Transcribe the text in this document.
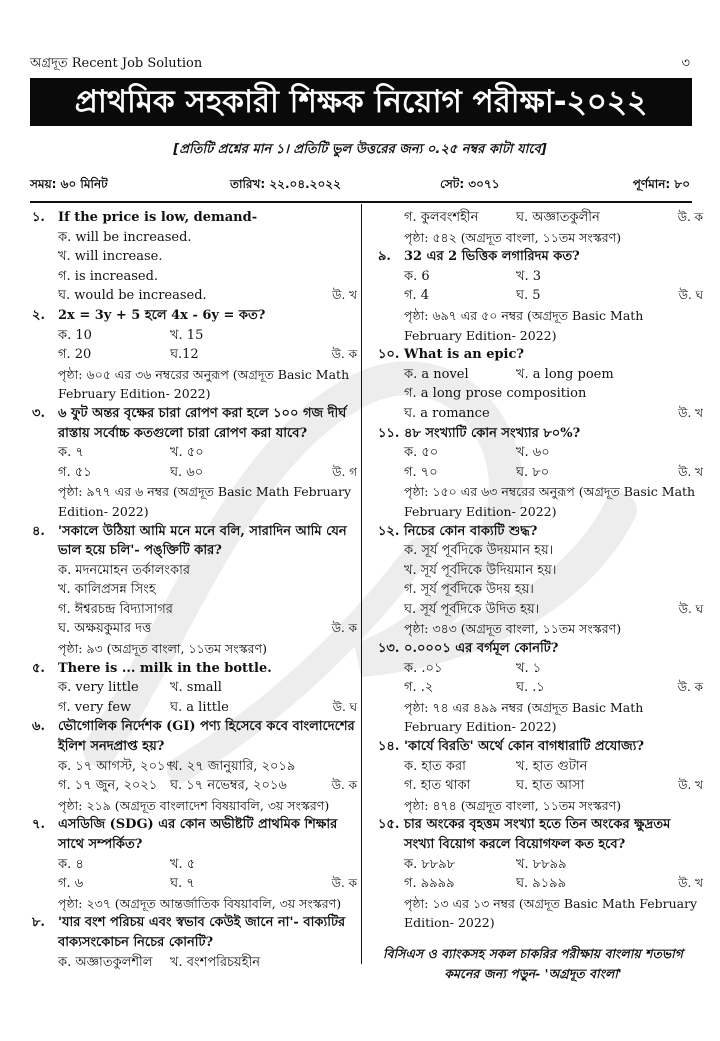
অগ্রদূত Recent Job Solution	৩
প্রাথমিক সহকারী শিক্ষক নিয়োগ পরীক্ষা-২০২২
[প্রতিটি প্রশ্নের মান ১। প্রতিটি ভুল উত্তরের জন্য ০.২৫ নম্বর কাটা যাবে]
সময়: ৬০ মিনিট	তারিখ: ২২.০৪.২০২২	সেট: ৩০৭১	পূর্ণমান: ৮০
১. If the price is low, demand-
ক. will be increased.
খ. will increase.
গ. is increased.
ঘ. would be increased.	উ. খ
২. 2x = 3y + 5 হলে 4x - 6y = কত?
ক. 10	খ. 15
গ. 20	ঘ.12	উ. ক
পৃষ্ঠা: ৬০৫ এর ৩৬ নম্বরের অনুরূপ (অগ্রদূত Basic Math February Edition- 2022)
৩. ৬ ফুট অন্তর বৃক্ষের চারা রোপণ করা হলে ১০০ গজ দীর্ঘ রাস্তায় সর্বোচ্চ কতগুলো চারা রোপণ করা যাবে?
ক. ৭	খ. ৫০
গ. ৫১	ঘ. ৬০	উ. গ
পৃষ্ঠা: ৯৭৭ এর ৬ নম্বর (অগ্রদূত Basic Math February Edition- 2022)
৪. 'সকালে উঠিয়া আমি মনে মনে বলি, সারাদিন আমি যেন ভাল হয়ে চলি'- পঙ্‌ক্তিটি কার?
ক. মদনমোহন তর্কালংকার
খ. কালিপ্রসন্ন সিংহ
গ. ঈশ্বরচন্দ্র বিদ্যাসাগর
ঘ. অক্ষয়কুমার দত্ত	উ. ক
পৃষ্ঠা: ৯৩ (অগ্রদূত বাংলা, ১১তম সংস্করণ)
৫. There is ... milk in the bottle.
ক. very little খ. small
গ. very few	ঘ. a little	উ. ঘ
৬. ভৌগোলিক নির্দেশক (GI) পণ্য হিসেবে কবে বাংলাদেশের ইলিশ সনদপ্রাপ্ত হয়?
ক. ১৭ আগস্ট, ২০১৭
খ. ২৭ জানুয়ারি, ২০১৯
গ. ১৭ জুন, ২০২১ ঘ. ১৭ নভেম্বর, ২০১৬	উ. ক
পৃষ্ঠা: ২১৯ (অগ্রদূত বাংলাদেশ বিষয়াবলি, ৩য় সংস্করণ)
৭. এসডিজি (SDG) এর কোন অভীষ্টটি প্রাথমিক শিক্ষার সাথে সম্পর্কিত?
ক. ৪	খ. ৫
গ. ৬	ঘ. ৭	উ. ক
পৃষ্ঠা: ২৩৭ (অগ্রদূত আন্তর্জাতিক বিষয়াবলি, ৩য় সংস্করণ)
৮. 'যার বংশ পরিচয় এবং স্বভাব কেউই জানে না'- বাক্যটির বাক্যসংকোচন নিচের কোনটি?
ক. অজ্ঞাতকুলশীল খ. বংশপরিচয়হীন
গ. কুলবংশহীন	ঘ. অজ্ঞাতকুলীন	উ. ক
পৃষ্ঠা: ৫৪২ (অগ্রদূত বাংলা, ১১তম সংস্করণ)
৯. 32 এর 2 ভিত্তিক লগারিদম কত?
ক. 6	খ. 3
গ. 4	ঘ. 5	উ. ঘ
পৃষ্ঠা: ৬৯৭ এর ৫০ নম্বর (অগ্রদূত Basic Math February Edition- 2022)
১০. What is an epic?
ক. a novel	খ. a long poem
গ. a long prose composition
ঘ. a romance	উ. খ
১১. ৪৮ সংখ্যাটি কোন সংখ্যার ৮০%?
ক. ৫০	খ. ৬০
গ. ৭০	ঘ. ৮০	উ. খ
পৃষ্ঠা: ১৫০ এর ৬৩ নম্বরের অনুরূপ (অগ্রদূত Basic Math February Edition- 2022)
১২. নিচের কোন বাক্যটি শুদ্ধ?
ক. সূর্য পূর্বদিকে উদয়মান হয়।
খ. সূর্য পূর্বদিকে উদিয়মান হয়।
গ. সূর্য পূর্বদিকে উদয় হয়।
ঘ. সূর্য পূর্বদিকে উদিত হয়।	উ. ঘ
পৃষ্ঠা: ৩৪৩ (অগ্রদূত বাংলা, ১১তম সংস্করণ)
১৩. ০.০০০১ এর বর্গমূল কোনটি?
ক. .০১	খ. ১
গ. .২	ঘ. .১	উ. ক
পৃষ্ঠা: ৭৪ এর ৪৯৯ নম্বর (অগ্রদূত Basic Math February Edition- 2022)
১৪. 'কার্যে বিরতি' অর্থে কোন বাগধারাটি প্রযোজ্য?
ক. হাত করা	খ. হাত গুটান
গ. হাত থাকা	ঘ. হাত আসা	উ. খ
পৃষ্ঠা: ৪৭৪ (অগ্রদূত বাংলা, ১১তম সংস্করণ)
১৫. চার অংকের বৃহত্তম সংখ্যা হতে তিন অংকের ক্ষুদ্রতম সংখ্যা বিয়োগ করলে বিয়োগফল কত হবে?
ক. ৮৮৯৮	খ. ৮৮৯৯
গ. ৯৯৯৯	ঘ. ৯১৯৯	উ. খ
পৃষ্ঠা: ১৩ এর ১৩ নম্বর (অগ্রদূত Basic Math February Edition- 2022)
বিসিএস ও ব্যাংকসহ সকল চাকরির পরীক্ষায় বাংলায় শতভাগ কমনের জন্য পড়ুন- 'অগ্রদূত বাংলা'
